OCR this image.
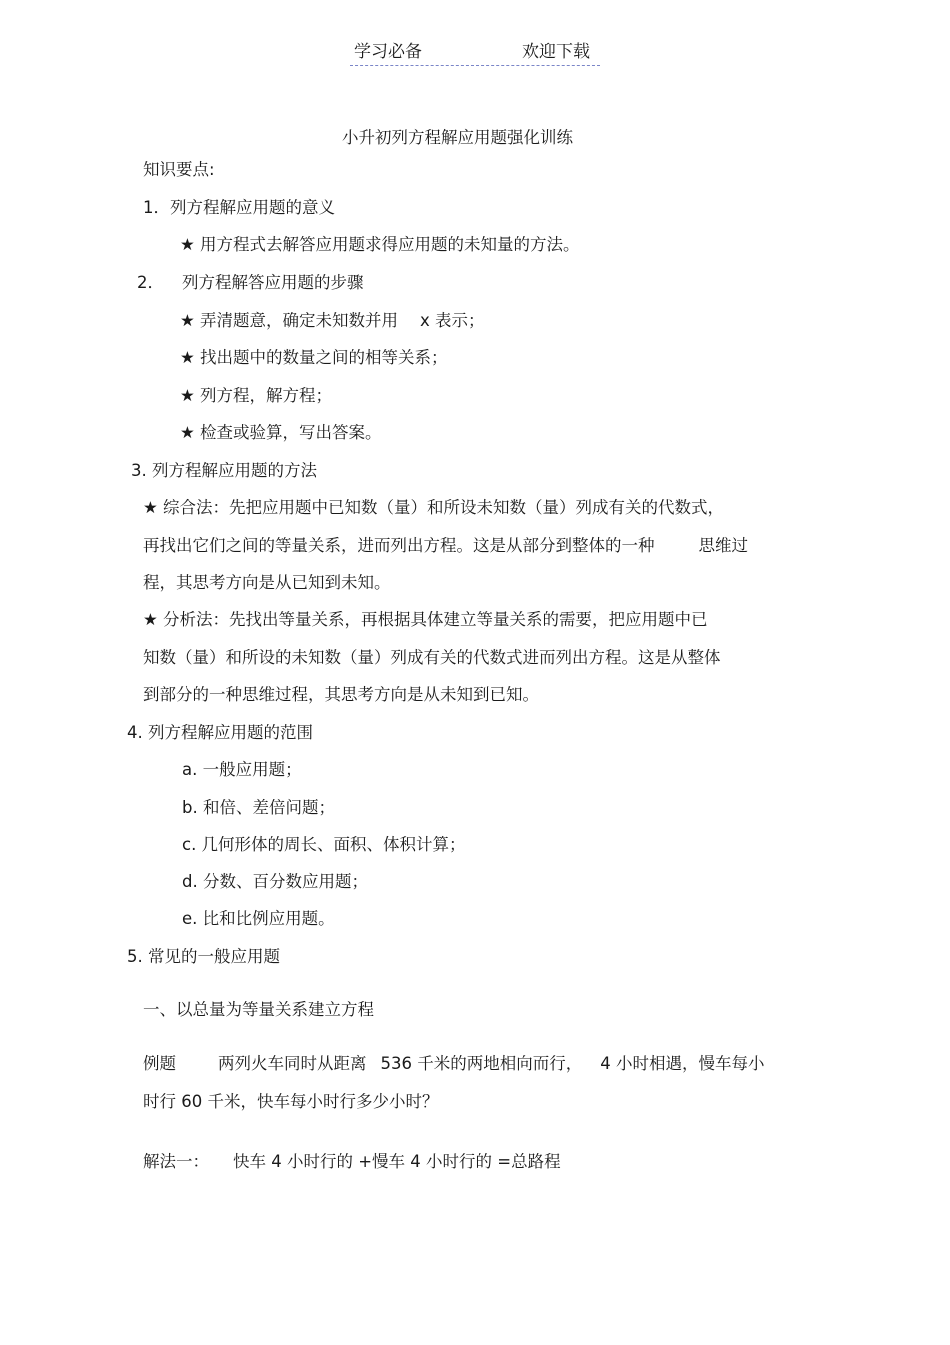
学习必备	欢迎下载
小升初列方程解应用题强化训练
知识要点:
1．列方程解应用题的意义
★ 用方程式去解答应用题求得应用题的未知量的方法。
2． 列方程解答应用题的步骤
★ 弄清题意，确定未知数并用 x 表示；
★ 找出题中的数量之间的相等关系；
★ 列方程，解方程；
★ 检查或验算，写出答案。
3. 列方程解应用题的方法
★ 综合法：先把应用题中已知数（量）和所设未知数（量）列成有关的代数式，
再找出它们之间的等量关系，进而列出方程。这是从部分到整体的一种	思维过
程，其思考方向是从已知到未知。
★ 分析法：先找出等量关系，再根据具体建立等量关系的需要，把应用题中已
知数（量）和所设的未知数（量）列成有关的代数式进而列出方程。这是从整体
到部分的一种思维过程，其思考方向是从未知到已知。
4. 列方程解应用题的范围
a. 一般应用题；
b. 和倍、差倍问题；
c. 几何形体的周长、面积、体积计算；
d. 分数、百分数应用题；
e. 比和比例应用题。
5. 常见的一般应用题
一、以总量为等量关系建立方程
例题	两列火车同时从距离 536 千米的两地相向而行， 4 小时相遇，慢车每小
时行 60 千米，快车每小时行多少小时？
解法一： 快车 4 小时行的 +慢车 4 小时行的 =总路程
